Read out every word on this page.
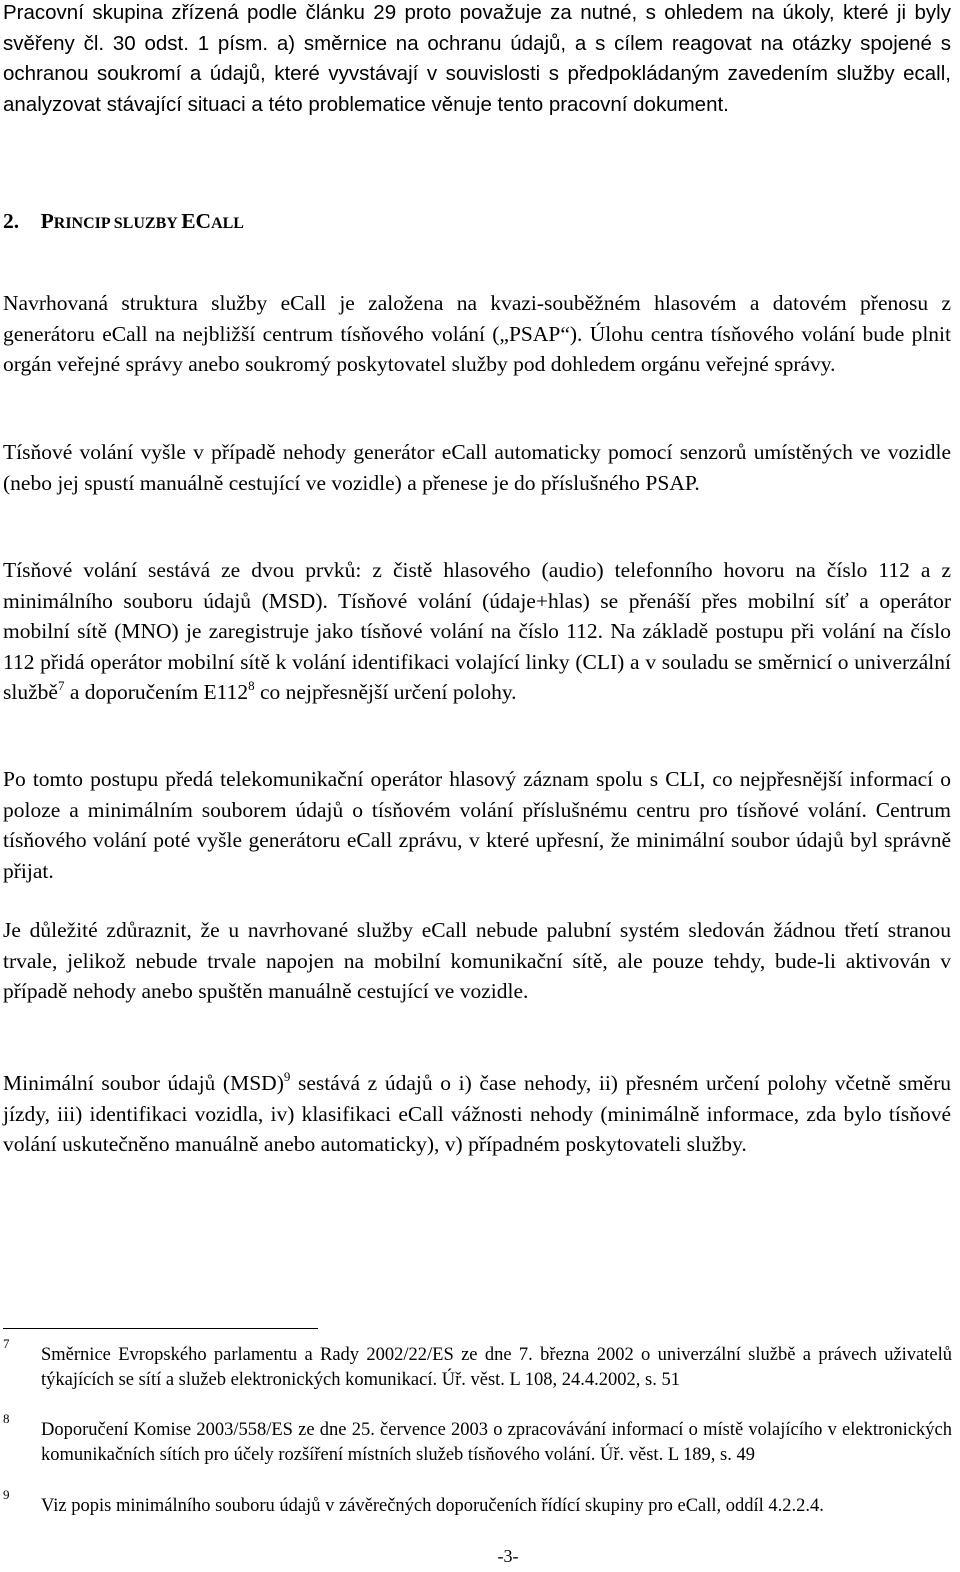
Pracovní skupina zřízená podle článku 29 proto považuje za nutné, s ohledem na úkoly, které ji byly svěřeny čl. 30 odst. 1 písm. a) směrnice na ochranu údajů, a s cílem reagovat na otázky spojené s ochranou soukromí a údajů, které vyvstávají v souvislosti s předpokládaným zavedením služby ecall, analyzovat stávající situaci a této problematice věnuje tento pracovní dokument.

2. PRINCIP SLUZBY ECALL

Navrhovaná struktura služby eCall je založena na kvazi-souběžném hlasovém a datovém přenosu z generátoru eCall na nejbližší centrum tísňového volání („PSAP“). Úlohu centra tísňového volání bude plnit orgán veřejné správy anebo soukromý poskytovatel služby pod dohledem orgánu veřejné správy.

Tísňové volání vyšle v případě nehody generátor eCall automaticky pomocí senzorů umístěných ve vozidle (nebo jej spustí manuálně cestující ve vozidle) a přenese je do příslušného PSAP.

Tísňové volání sestává ze dvou prvků: z čistě hlasového (audio) telefonního hovoru na číslo 112 a z minimálního souboru údajů (MSD). Tísňové volání (údaje+hlas) se přenáší přes mobilní síť a operátor mobilní sítě (MNO) je zaregistruje jako tísňové volání na číslo 112. Na základě postupu při volání na číslo 112 přidá operátor mobilní sítě k volání identifikaci volající linky (CLI) a v souladu se směrnicí o univerzální službě$^7$ a doporučením $E112^8$ co nejpřesnější určení polohy.

Po tomto postupu předá telekomunikační operátor hlasový záznam spolu s CLI, co nejpřesnější informací o poloze a minimálním souborem údajů o tísňovém volání příslušnému centru pro tísňové volání. Centrum tísňového volání poté vyšle generátoru eCall zprávu, v které upřesní, že minimální soubor údajů byl správně přijat.

Je důležité zdůraznit, že u navrhované služby eCall nebude palubní systém sledován žádnou třetí stranou trvale, jelikož nebude trvale napojen na mobilní komunikační sítě, ale pouze tehdy, bude-li aktivován v případě nehody anebo spuštěn manuálně cestující ve vozidle.

Minimální soubor údajů (MSD)$^9$ sestává z údajů o i) čase nehody, ii) přesném určení polohy včetně směru jízdy, iii) identifikaci vozidla, iv) klasifikaci eCall vážnosti nehody (minimálně informace, zda bylo tísňové volání uskutečněno manuálně anebo automaticky), v) případném poskytovateli služby.

7
Směrnice Evropského parlamentu a Rady 2002/22/ES ze dne 7. března 2002 o univerzální službě a právech uživatelů týkajících se sítí a služeb elektronických komunikací. Úř. věst. L 108, 24.4.2002, s. 51
8
Doporučení Komise 2003/558/ES ze dne 25. července 2003 o zpracovávání informací o místě volajícího v elektronických komunikačních sítích pro účely rozšíření místních služeb tísňového volání. Úř. věst. L 189, s. 49
9
Viz popis minimálního souboru údajů v závěrečných doporučeních řídící skupiny pro eCall, oddíl 4.2.2.4.
-3-
